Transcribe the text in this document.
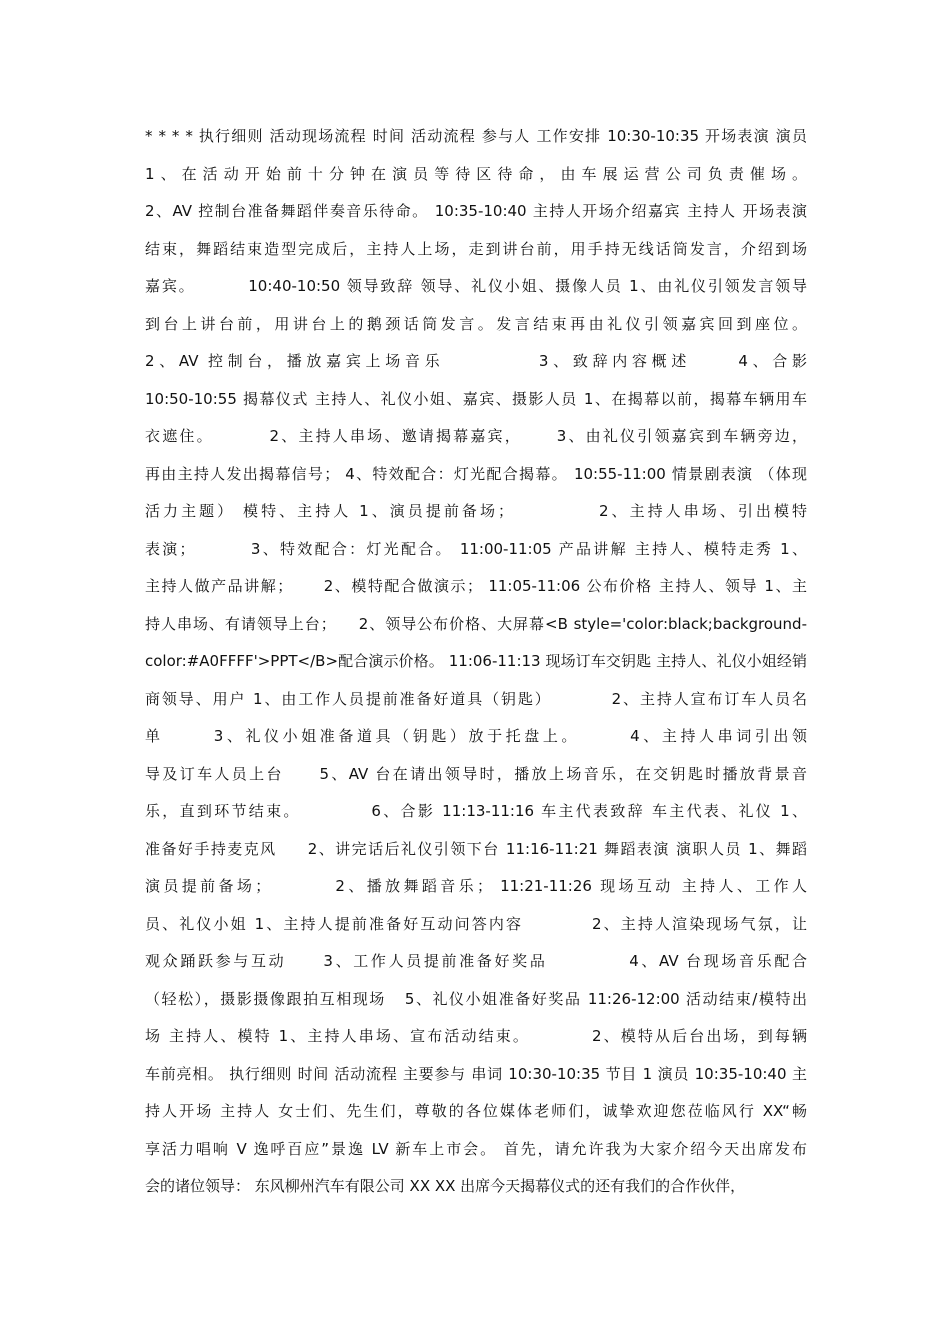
* * * * 执行细则 活动现场流程 时间 活动流程 参与人 工作安排 10:30-10:35 开场表演 演员
1、在活动开始前十分钟在演员等待区待命，由车展运营公司负责催场。
2、AV 控制台准备舞蹈伴奏音乐待命。 10:35-10:40 主持人开场介绍嘉宾 主持人 开场表演
结束，舞蹈结束造型完成后，主持人上场，走到讲台前，用手持无线话筒发言，介绍到场
嘉宾。        10:40-10:50 领导致辞 领导、礼仪小姐、摄像人员 1、由礼仪引领发言领导
到台上讲台前，用讲台上的鹅颈话筒发言。发言结束再由礼仪引领嘉宾回到座位。
2、AV 控制台，播放嘉宾上场音乐          3、致辞内容概述     4、合影
10:50-10:55 揭幕仪式 主持人、礼仪小姐、嘉宾、摄影人员 1、在揭幕以前，揭幕车辆用车
衣遮住。        2、主持人串场、邀请揭幕嘉宾，     3、由礼仪引领嘉宾到车辆旁边，
再由主持人发出揭幕信号； 4、特效配合：灯光配合揭幕。 10:55-11:00 情景剧表演 （体现
活力主题） 模特、主持人 1、演员提前备场；           2、主持人串场、引出模特
表演；        3、特效配合：灯光配合。 11:00-11:05 产品讲解 主持人、模特走秀 1、
主持人做产品讲解；     2、模特配合做演示； 11:05-11:06 公布价格 主持人、领导 1、主
持人串场、有请领导上台；    2、领导公布价格、大屏幕<B style='color:black;background-
color:#A0FFFF'>PPT</B>配合演示价格。 11:06-11:13 现场订车交钥匙 主持人、礼仪小姐经销
商领导、用户 1、由工作人员提前准备好道具（钥匙）         2、主持人宣布订车人员名
单      3、礼仪小姐准备道具（钥匙）放于托盘上。      4、主持人串词引出领
导及订车人员上台     5、AV 台在请出领导时，播放上场音乐，在交钥匙时播放背景音
乐，直到环节结束。          6、合影 11:13-11:16 车主代表致辞 车主代表、礼仪 1、
准备好手持麦克风     2、讲完话后礼仪引领下台 11:16-11:21 舞蹈表演 演职人员 1、舞蹈
演员提前备场；        2、播放舞蹈音乐； 11:21-11:26 现场互动 主持人、工作人
员、礼仪小姐 1、主持人提前准备好互动问答内容          2、主持人渲染现场气氛，让
观众踊跃参与互动     3、工作人员提前准备好奖品           4、AV 台现场音乐配合
（轻松），摄影摄像跟拍互相现场   5、礼仪小姐准备好奖品 11:26-12:00 活动结束/模特出
场 主持人、模特 1、主持人串场、宣布活动结束。         2、模特从后台出场，到每辆
车前亮相。 执行细则 时间 活动流程 主要参与 串词 10:30-10:35 节目 1 演员 10:35-10:40 主
持人开场 主持人 女士们、先生们，尊敬的各位媒体老师们，诚挚欢迎您莅临风行 XX“畅
享活力唱响 V 逸呼百应”景逸 LV 新车上市会。 首先，请允许我为大家介绍今天出席发布
会的诸位领导： 东风柳州汽车有限公司 XX XX 出席今天揭幕仪式的还有我们的合作伙伴，
